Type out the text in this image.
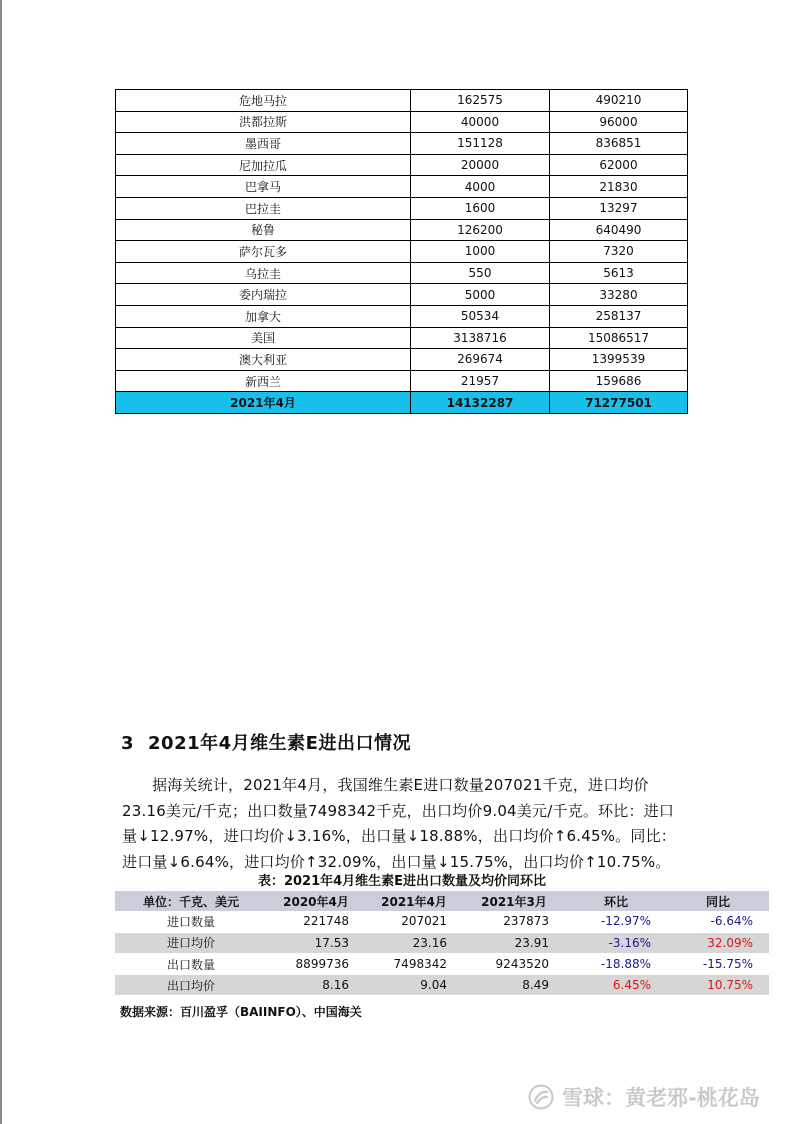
危地马拉	162575	490210
洪都拉斯	40000	96000
墨西哥	151128	836851
尼加拉瓜	20000	62000
巴拿马	4000	21830
巴拉圭	1600	13297
秘鲁	126200	640490
萨尔瓦多	1000	7320
乌拉圭	550	5613
委内瑞拉	5000	33280
加拿大	50534	258137
美国	3138716	15086517
澳大利亚	269674	1399539
新西兰	21957	159686
2021年4月	14132287	71277501
3 2021年4月维生素E进出口情况
据海关统计，2021年4月，我国维生素E进口数量207021千克，进口均价23.16美元/千克；出口数量7498342千克，出口均价9.04美元/千克。环比：进口量↓12.97%，进口均价↓3.16%，出口量↓18.88%，出口均价↑6.45%。同比：进口量↓6.64%，进口均价↑32.09%，出口量↓15.75%，出口均价↑10.75%。
表：2021年4月维生素E进出口数量及均价同环比
单位：千克、美元	2020年4月	2021年4月	2021年3月	环比	同比
进口数量	221748	207021	237873	-12.97%	-6.64%
进口均价	17.53	23.16	23.91	-3.16%	32.09%
出口数量	8899736	7498342	9243520	-18.88%	-15.75%
出口均价	8.16	9.04	8.49	6.45%	10.75%
数据来源：百川盈孚（BAIINFO）、中国海关
雪球：黄老邪-桃花岛
